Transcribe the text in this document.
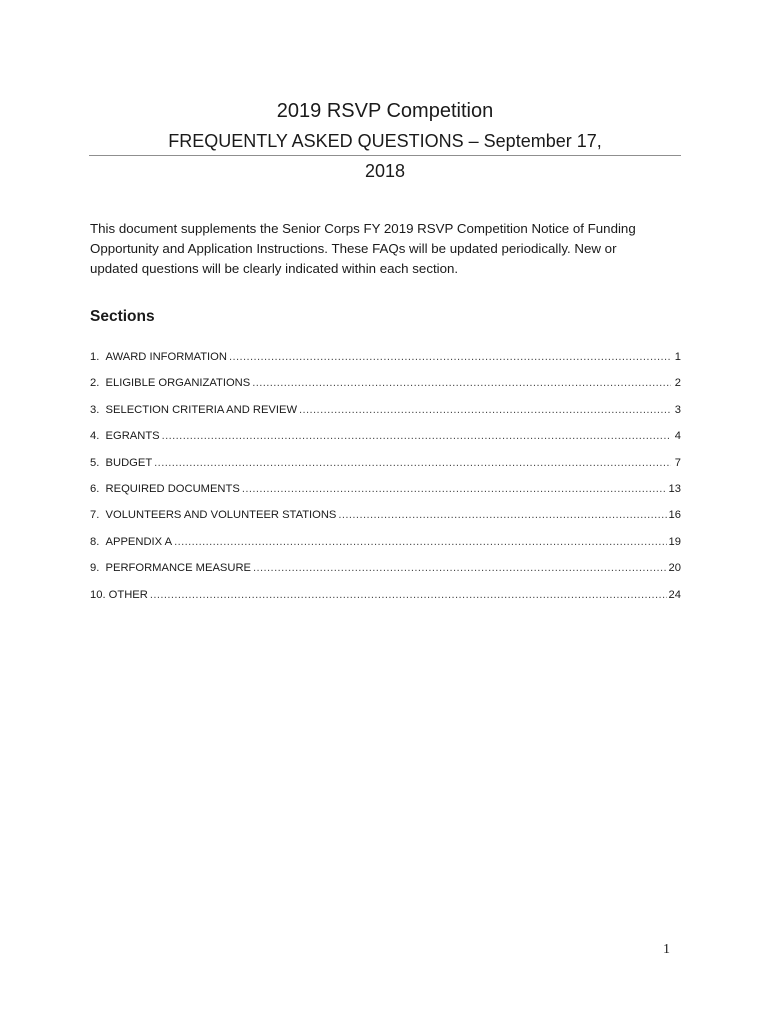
2019 RSVP Competition
FREQUENTLY ASKED QUESTIONS – September 17,
2018
This document supplements the Senior Corps FY 2019 RSVP Competition Notice of Funding Opportunity and Application Instructions. These FAQs will be updated periodically. New or updated questions will be clearly indicated within each section.
Sections
1. AWARD INFORMATION .....	1
2. ELIGIBLE ORGANIZATIONS .....	2
3. SELECTION CRITERIA AND REVIEW .....	3
4. EGRANTS .....	4
5. BUDGET .....	7
6. REQUIRED DOCUMENTS .....	13
7. VOLUNTEERS AND VOLUNTEER STATIONS .....	16
8. APPENDIX A .....	19
9. PERFORMANCE MEASURE .....	20
10. OTHER .....	24
1
